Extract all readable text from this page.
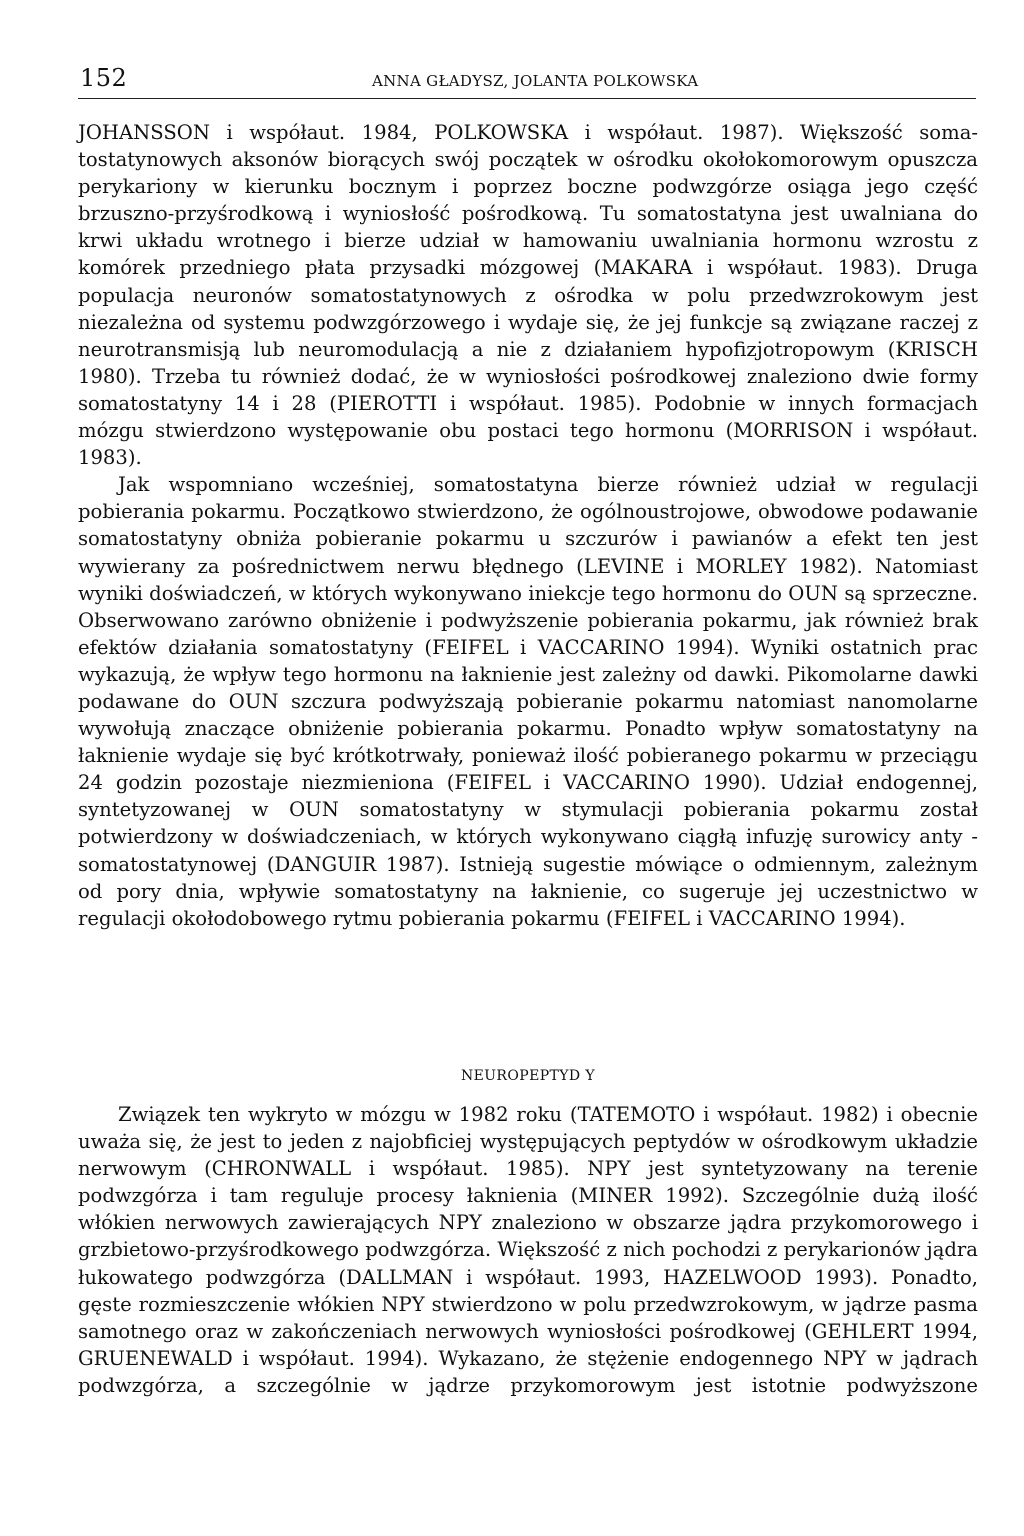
152	ANNA GŁADYSZ, JOLANTA POLKOWSKA

JOHANSSON i współaut. 1984, POLKOWSKA i współaut. 1987). Większość somatostatynowych aksonów biorących swój początek w ośrodku okołokomorowym opuszcza perykariony w kierunku bocznym i poprzez boczne podwzgórze osiąga jego część brzuszno-przyśrodkową i wyniosłość pośrodkową. Tu somatostatyna jest uwalniana do krwi układu wrotnego i bierze udział w hamowaniu uwalniania hormonu wzrostu z komórek przedniego płata przysadki mózgowej (MAKARA i współaut. 1983). Druga populacja neuronów somatostatynowych z ośrodka w polu przedwzrokowym jest niezależna od systemu podwzgórzowego i wydaje się, że jej funkcje są związane raczej z neurotransmisją lub neuromodulacją a nie z działaniem hypofizjotropowym (KRISCH 1980). Trzeba tu również dodać, że w wyniosłości pośrodkowej znaleziono dwie formy somatostatyny 14 i 28 (PIEROTTI i współaut. 1985). Podobnie w innych formacjach mózgu stwierdzono występowanie obu postaci tego hormonu (MORRISON i współaut. 1983).

Jak wspomniano wcześniej, somatostatyna bierze również udział w regulacji pobierania pokarmu. Początkowo stwierdzono, że ogólnoustrojowe, obwodowe podawanie somatostatyny obniża pobieranie pokarmu u szczurów i pawianów a efekt ten jest wywierany za pośrednictwem nerwu błędnego (LEVINE i MORLEY 1982). Natomiast wyniki doświadczeń, w których wykonywano iniekcje tego hormonu do OUN są sprzeczne. Obserwowano zarówno obniżenie i podwyższenie pobierania pokarmu, jak również brak efektów działania somatostatyny (FEIFEL i VACCARINO 1994). Wyniki ostatnich prac wykazują, że wpływ tego hormonu na łaknienie jest zależny od dawki. Pikomolarne dawki podawane do OUN szczura podwyższają pobieranie pokarmu natomiast nanomolarne wywołują znaczące obniżenie pobierania pokarmu. Ponadto wpływ somatostatyny na łaknienie wydaje się być krótkotrwały, ponieważ ilość pobieranego pokarmu w przeciągu 24 godzin pozostaje niezmieniona (FEIFEL i VACCARINO 1990). Udział endogennej, syntetyzowanej w OUN somatostatyny w stymulacji pobierania pokarmu został potwierdzony w doświadczeniach, w których wykonywano ciągłą infuzję surowicy anty - somatostatynowej (DANGUIR 1987). Istnieją sugestie mówiące o odmiennym, zależnym od pory dnia, wpływie somatostatyny na łaknienie, co sugeruje jej uczestnictwo w regulacji okołodobowego rytmu pobierania pokarmu (FEIFEL i VACCARINO 1994).

NEUROPEPTYD Y

Związek ten wykryto w mózgu w 1982 roku (TATEMOTO i współaut. 1982) i obecnie uważa się, że jest to jeden z najobficiej występujących peptydów w ośrodkowym układzie nerwowym (CHRONWALL i współaut. 1985). NPY jest syntetyzowany na terenie podwzgórza i tam reguluje procesy łaknienia (MINER 1992). Szczególnie dużą ilość włókien nerwowych zawierających NPY znaleziono w obszarze jądra przykomorowego i grzbietowo-przyśrodkowego podwzgórza. Większość z nich pochodzi z perykarionów jądra łukowatego podwzgórza (DALLMAN i współaut. 1993, HAZELWOOD 1993). Ponadto, gęste rozmieszczenie włókien NPY stwierdzono w polu przedwzrokowym, w jądrze pasma samotnego oraz w zakończeniach nerwowych wyniosłości pośrodkowej (GEHLERT 1994, GRUENEWALD i współaut. 1994). Wykazano, że stężenie endogennego NPY w jądrach podwzgórza, a szczególnie w jądrze przykomorowym jest istotnie podwyższone
